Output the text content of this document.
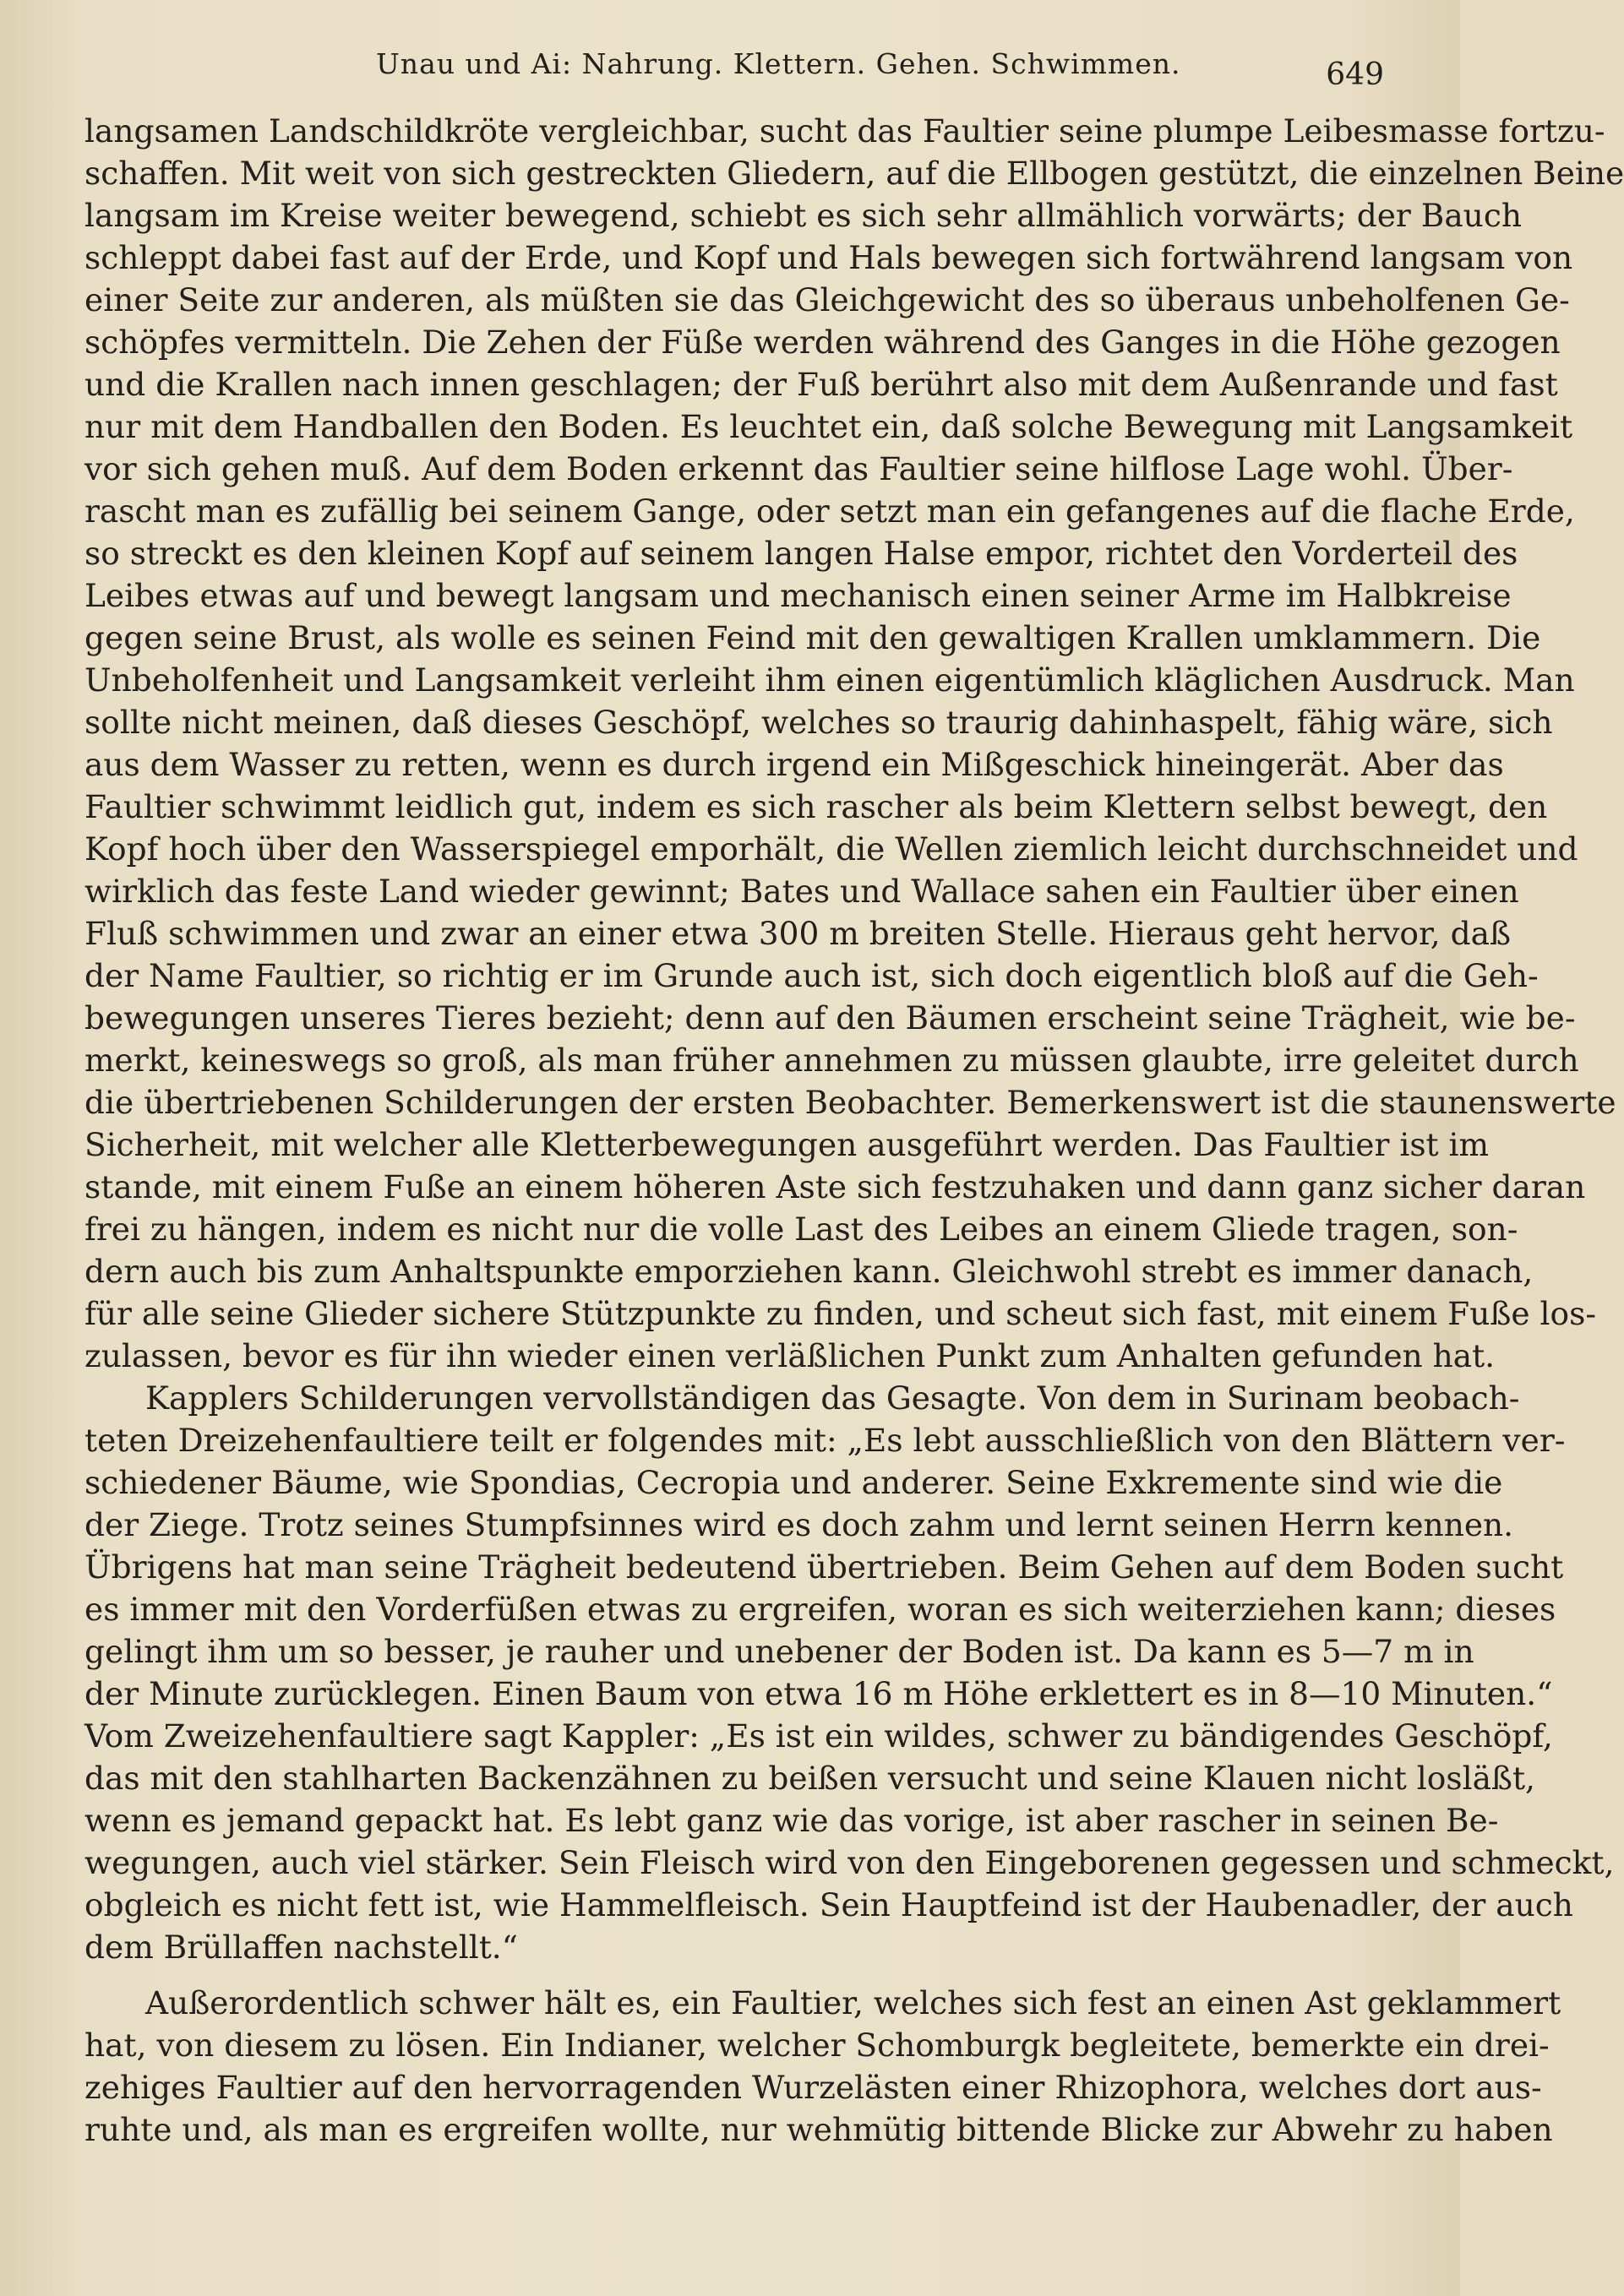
Unau und Ai: Nahrung. Klettern. Gehen. Schwimmen.	649
langsamen Landschildkröte vergleichbar, sucht das Faultier seine plumpe Leibesmasse fortzu-
schaffen. Mit weit von sich gestreckten Gliedern, auf die Ellbogen gestützt, die einzelnen Beine
langsam im Kreise weiter bewegend, schiebt es sich sehr allmählich vorwärts; der Bauch
schleppt dabei fast auf der Erde, und Kopf und Hals bewegen sich fortwährend langsam von
einer Seite zur anderen, als müßten sie das Gleichgewicht des so überaus unbeholfenen Ge-
schöpfes vermitteln. Die Zehen der Füße werden während des Ganges in die Höhe gezogen
und die Krallen nach innen geschlagen; der Fuß berührt also mit dem Außenrande und fast
nur mit dem Handballen den Boden. Es leuchtet ein, daß solche Bewegung mit Langsamkeit
vor sich gehen muß. Auf dem Boden erkennt das Faultier seine hilflose Lage wohl. Über-
rascht man es zufällig bei seinem Gange, oder setzt man ein gefangenes auf die flache Erde,
so streckt es den kleinen Kopf auf seinem langen Halse empor, richtet den Vorderteil des
Leibes etwas auf und bewegt langsam und mechanisch einen seiner Arme im Halbkreise
gegen seine Brust, als wolle es seinen Feind mit den gewaltigen Krallen umklammern. Die
Unbeholfenheit und Langsamkeit verleiht ihm einen eigentümlich kläglichen Ausdruck. Man
sollte nicht meinen, daß dieses Geschöpf, welches so traurig dahinhaspelt, fähig wäre, sich
aus dem Wasser zu retten, wenn es durch irgend ein Mißgeschick hineingerät. Aber das
Faultier schwimmt leidlich gut, indem es sich rascher als beim Klettern selbst bewegt, den
Kopf hoch über den Wasserspiegel emporhält, die Wellen ziemlich leicht durchschneidet und
wirklich das feste Land wieder gewinnt; Bates und Wallace sahen ein Faultier über einen
Fluß schwimmen und zwar an einer etwa 300 m breiten Stelle. Hieraus geht hervor, daß
der Name Faultier, so richtig er im Grunde auch ist, sich doch eigentlich bloß auf die Geh-
bewegungen unseres Tieres bezieht; denn auf den Bäumen erscheint seine Trägheit, wie be-
merkt, keineswegs so groß, als man früher annehmen zu müssen glaubte, irre geleitet durch
die übertriebenen Schilderungen der ersten Beobachter. Bemerkenswert ist die staunenswerte
Sicherheit, mit welcher alle Kletterbewegungen ausgeführt werden. Das Faultier ist im
stande, mit einem Fuße an einem höheren Aste sich festzuhaken und dann ganz sicher daran
frei zu hängen, indem es nicht nur die volle Last des Leibes an einem Gliede tragen, son-
dern auch bis zum Anhaltspunkte emporziehen kann. Gleichwohl strebt es immer danach,
für alle seine Glieder sichere Stützpunkte zu finden, und scheut sich fast, mit einem Fuße los-
zulassen, bevor es für ihn wieder einen verläßlichen Punkt zum Anhalten gefunden hat.
Kapplers Schilderungen vervollständigen das Gesagte. Von dem in Surinam beobach-
teten Dreizehenfaultiere teilt er folgendes mit: „Es lebt ausschließlich von den Blättern ver-
schiedener Bäume, wie Spondias, Cecropia und anderer. Seine Exkremente sind wie die
der Ziege. Trotz seines Stumpfsinnes wird es doch zahm und lernt seinen Herrn kennen.
Übrigens hat man seine Trägheit bedeutend übertrieben. Beim Gehen auf dem Boden sucht
es immer mit den Vorderfüßen etwas zu ergreifen, woran es sich weiterziehen kann; dieses
gelingt ihm um so besser, je rauher und unebener der Boden ist. Da kann es 5—7 m in
der Minute zurücklegen. Einen Baum von etwa 16 m Höhe erklettert es in 8—10 Minuten.“
Vom Zweizehenfaultiere sagt Kappler: „Es ist ein wildes, schwer zu bändigendes Geschöpf,
das mit den stahlharten Backenzähnen zu beißen versucht und seine Klauen nicht losläßt,
wenn es jemand gepackt hat. Es lebt ganz wie das vorige, ist aber rascher in seinen Be-
wegungen, auch viel stärker. Sein Fleisch wird von den Eingeborenen gegessen und schmeckt,
obgleich es nicht fett ist, wie Hammelfleisch. Sein Hauptfeind ist der Haubenadler, der auch
dem Brüllaffen nachstellt.“
Außerordentlich schwer hält es, ein Faultier, welches sich fest an einen Ast geklammert
hat, von diesem zu lösen. Ein Indianer, welcher Schomburgk begleitete, bemerkte ein drei-
zehiges Faultier auf den hervorragenden Wurzelästen einer Rhizophora, welches dort aus-
ruhte und, als man es ergreifen wollte, nur wehmütig bittende Blicke zur Abwehr zu haben
